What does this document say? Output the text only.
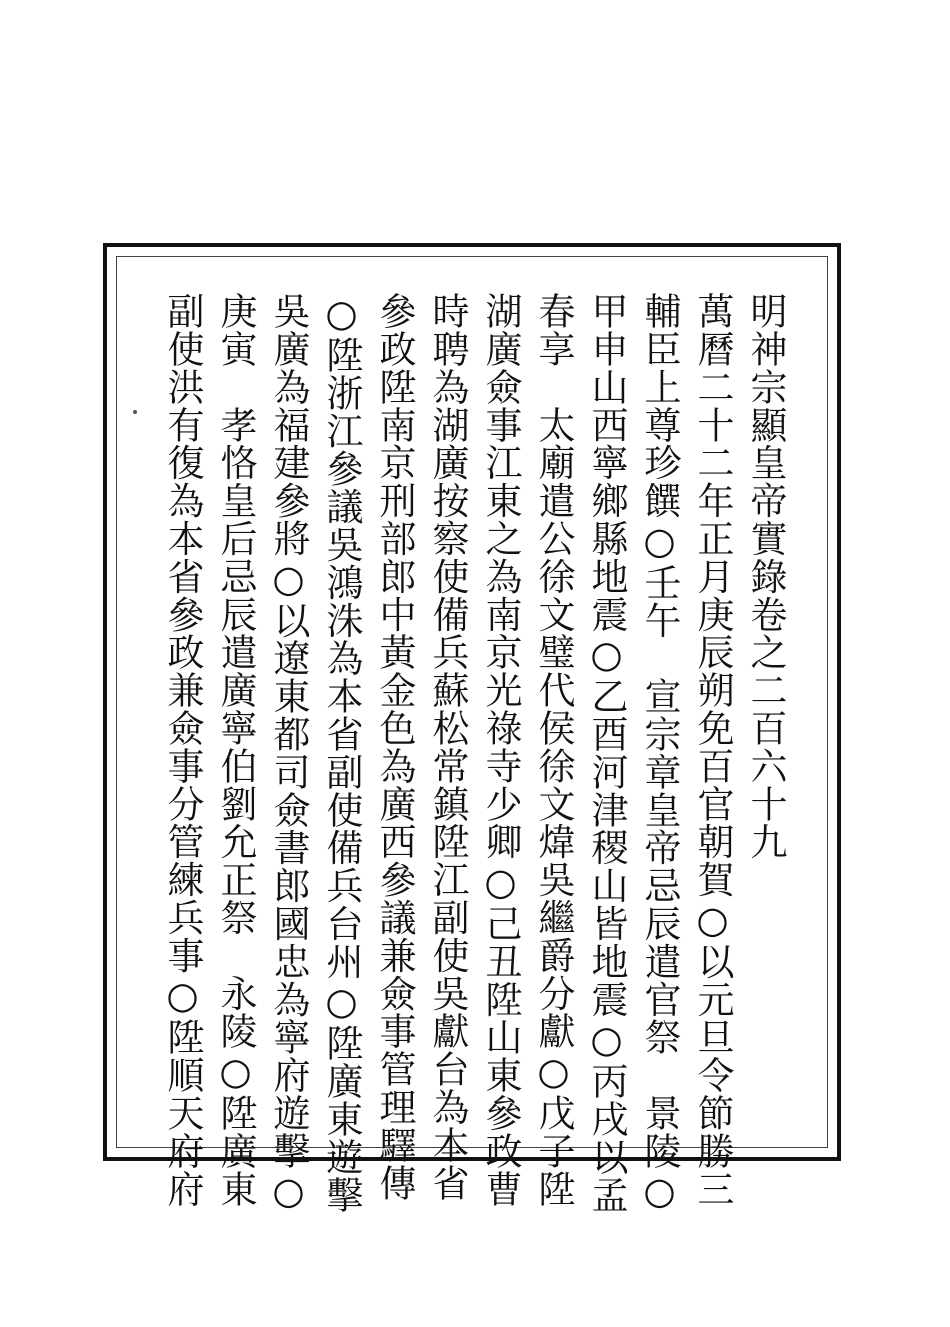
明神宗顯皇帝實錄卷之二百六十九
萬曆二十二年正月庚辰朔免百官朝賀○以元旦令節勝三
輔臣上尊珍饌○壬午　宣宗章皇帝忌辰遣官祭　景陵○
甲申山西寧鄉縣地震○乙酉河津稷山皆地震○丙戌以孟
春享　太廟遣公徐文璧代侯徐文煒吳繼爵分獻○戊子陞
湖廣僉事江東之為南京光祿寺少卿○己丑陞山東參政曹
時聘為湖廣按察使備兵蘇松常鎮陞江副使吳獻台為本省
參政陞南京刑部郎中黃金色為廣西參議兼僉事管理驛傳
○陞浙江參議吳鴻洙為本省副使備兵台州○陞廣東遊擊
吳廣為福建參將○以遼東都司僉書郎國忠為寧府遊擊○
庚寅　孝恪皇后忌辰遣廣寧伯劉允正祭　永陵○陞廣東
副使洪有復為本省參政兼僉事分管練兵事○陞順天府府
